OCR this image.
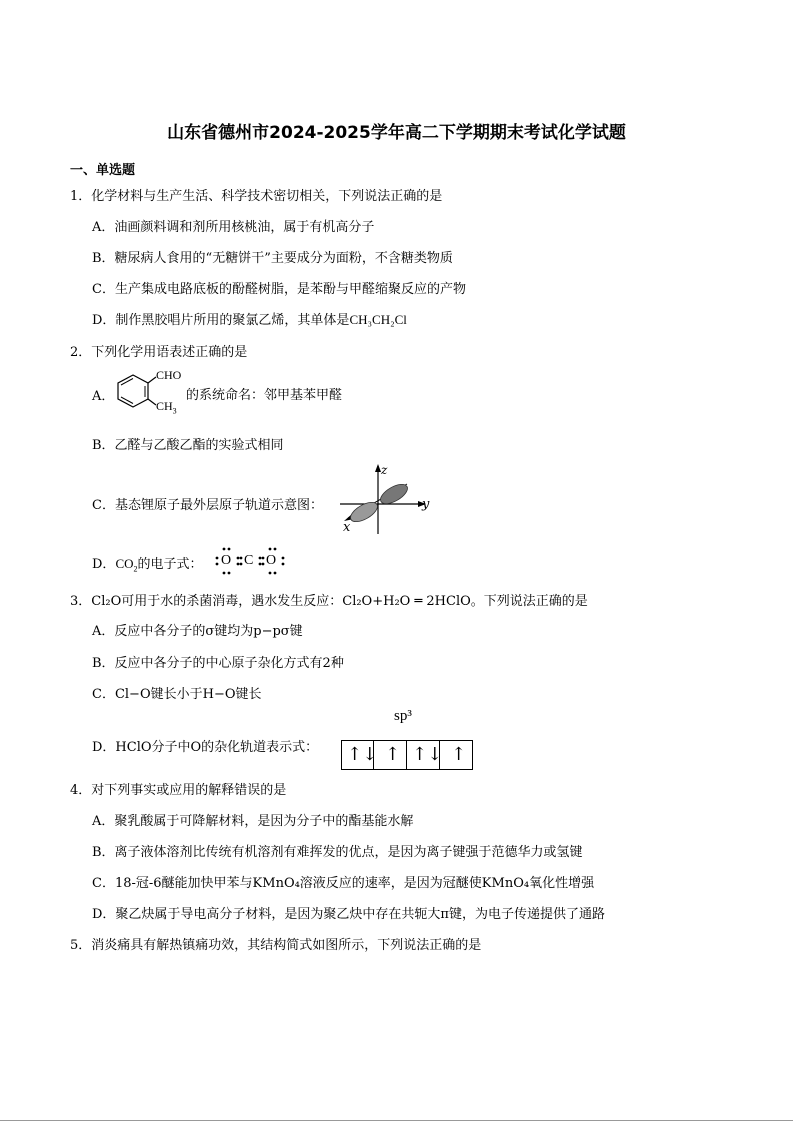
山东省德州市2024-2025学年高二下学期期末考试化学试题
一、单选题
1．化学材料与生产生活、科学技术密切相关，下列说法正确的是
A．油画颜料调和剂所用核桃油，属于有机高分子
B．糖尿病人食用的“无糖饼干”主要成分为面粉，不含糖类物质
C．生产集成电路底板的酚醛树脂，是苯酚与甲醛缩聚反应的产物
D．制作黑胶唱片所用的聚氯乙烯，其单体是CH₃CH₂Cl
2．下列化学用语表述正确的是
A．
CHO
$CH_3$
的系统命名：邻甲基苯甲醛
B．乙醛与乙酸乙酯的实验式相同
C．基态锂原子最外层原子轨道示意图：
z
y
x
D．$CO_2$的电子式： O C O
3．Cl₂O可用于水的杀菌消毒，遇水发生反应：Cl₂O+H₂O ═ 2HClO。下列说法正确的是
A．反应中各分子的σ键均为p−pσ键
B．反应中各分子的中心原子杂化方式有2种
C．Cl−O键长小于H−O键长
sp³
D．HClO分子中O的杂化轨道表示式： ↑↓ ↑ ↑↓ ↑
4．对下列事实或应用的解释错误的是
A．聚乳酸属于可降解材料，是因为分子中的酯基能水解
B．离子液体溶剂比传统有机溶剂有难挥发的优点，是因为离子键强于范德华力或氢键
C．18-冠-6醚能加快甲苯与KMnO₄溶液反应的速率，是因为冠醚使KMnO₄氧化性增强
D．聚乙炔属于导电高分子材料，是因为聚乙炔中存在共轭大π键，为电子传递提供了通路
5．消炎痛具有解热镇痛功效，其结构简式如图所示，下列说法正确的是
